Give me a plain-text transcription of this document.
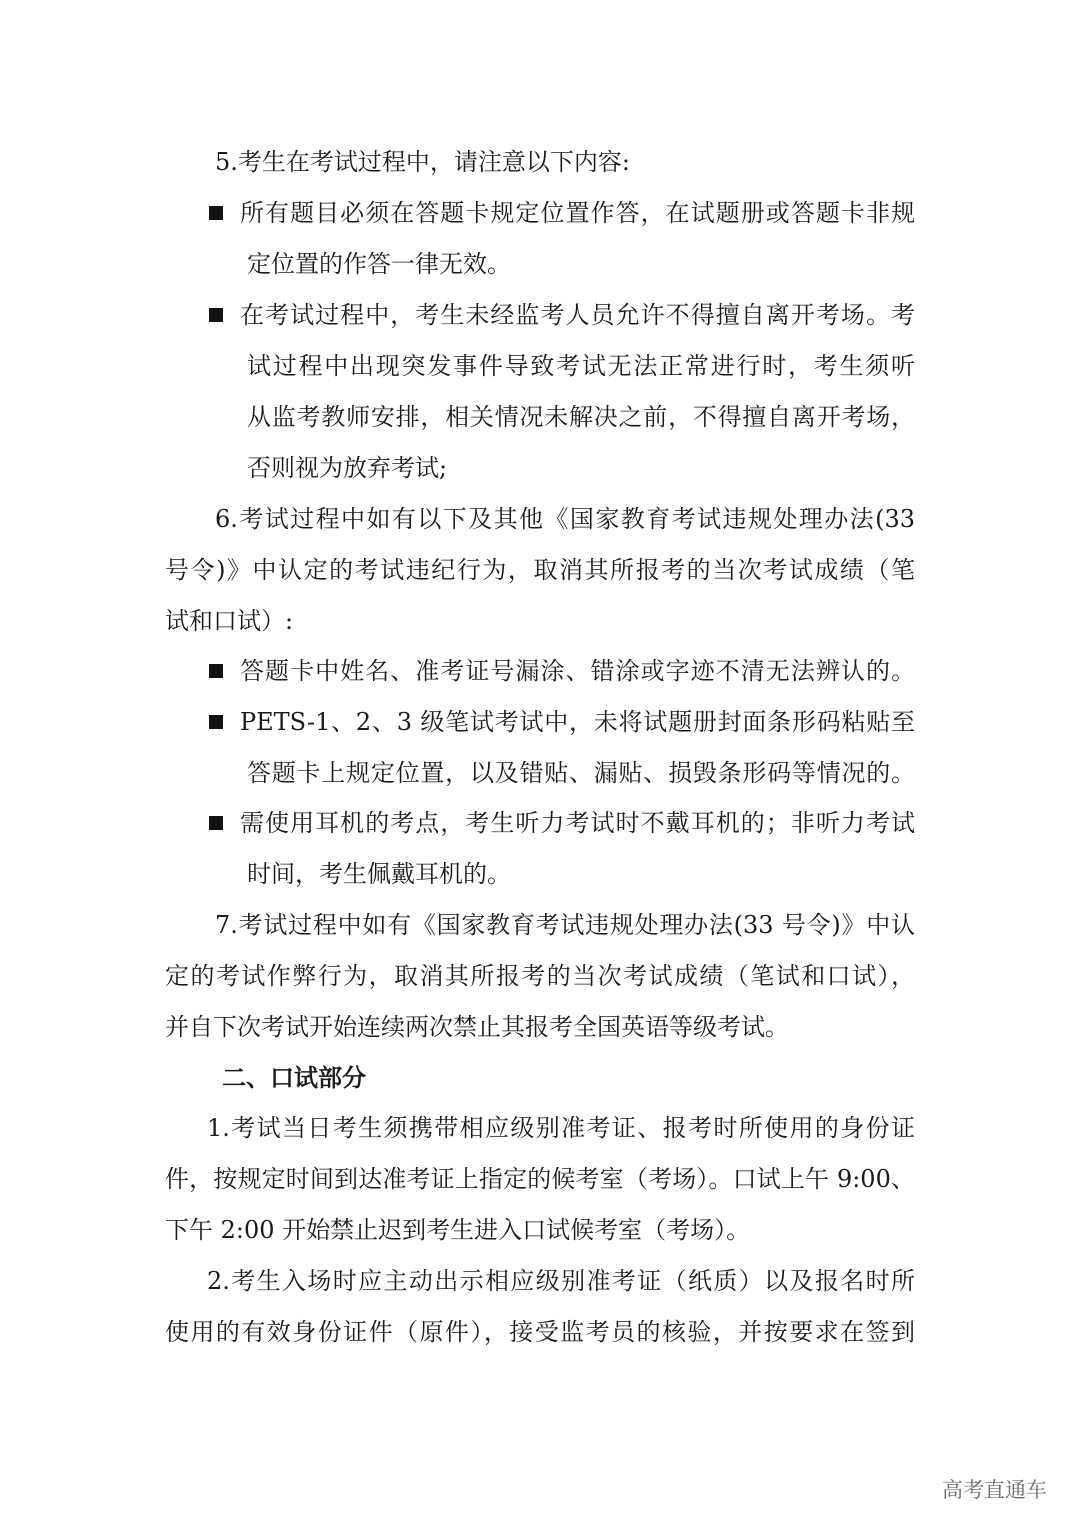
5.考生在考试过程中，请注意以下内容:
所有题目必须在答题卡规定位置作答，在试题册或答题卡非规
定位置的作答一律无效。
在考试过程中，考生未经监考人员允许不得擅自离开考场。考
试过程中出现突发事件导致考试无法正常进行时，考生须听
从监考教师安排，相关情况未解决之前，不得擅自离开考场，
否则视为放弃考试;
6.考试过程中如有以下及其他《国家教育考试违规处理办法(33
号令)》中认定的考试违纪行为，取消其所报考的当次考试成绩（笔
试和口试）:
答题卡中姓名、准考证号漏涂、错涂或字迹不清无法辨认的。
PETS-1、2、3 级笔试考试中，未将试题册封面条形码粘贴至
答题卡上规定位置，以及错贴、漏贴、损毁条形码等情况的。
需使用耳机的考点，考生听力考试时不戴耳机的；非听力考试
时间，考生佩戴耳机的。
7.考试过程中如有《国家教育考试违规处理办法(33 号令)》中认
定的考试作弊行为，取消其所报考的当次考试成绩（笔试和口试），
并自下次考试开始连续两次禁止其报考全国英语等级考试。
二、口试部分
1.考试当日考生须携带相应级别准考证、报考时所使用的身份证
件，按规定时间到达准考证上指定的候考室（考场）。口试上午 9:00、
下午 2:00 开始禁止迟到考生进入口试候考室（考场）。
2.考生入场时应主动出示相应级别准考证（纸质）以及报名时所
使用的有效身份证件（原件），接受监考员的核验，并按要求在签到
高考直通车
